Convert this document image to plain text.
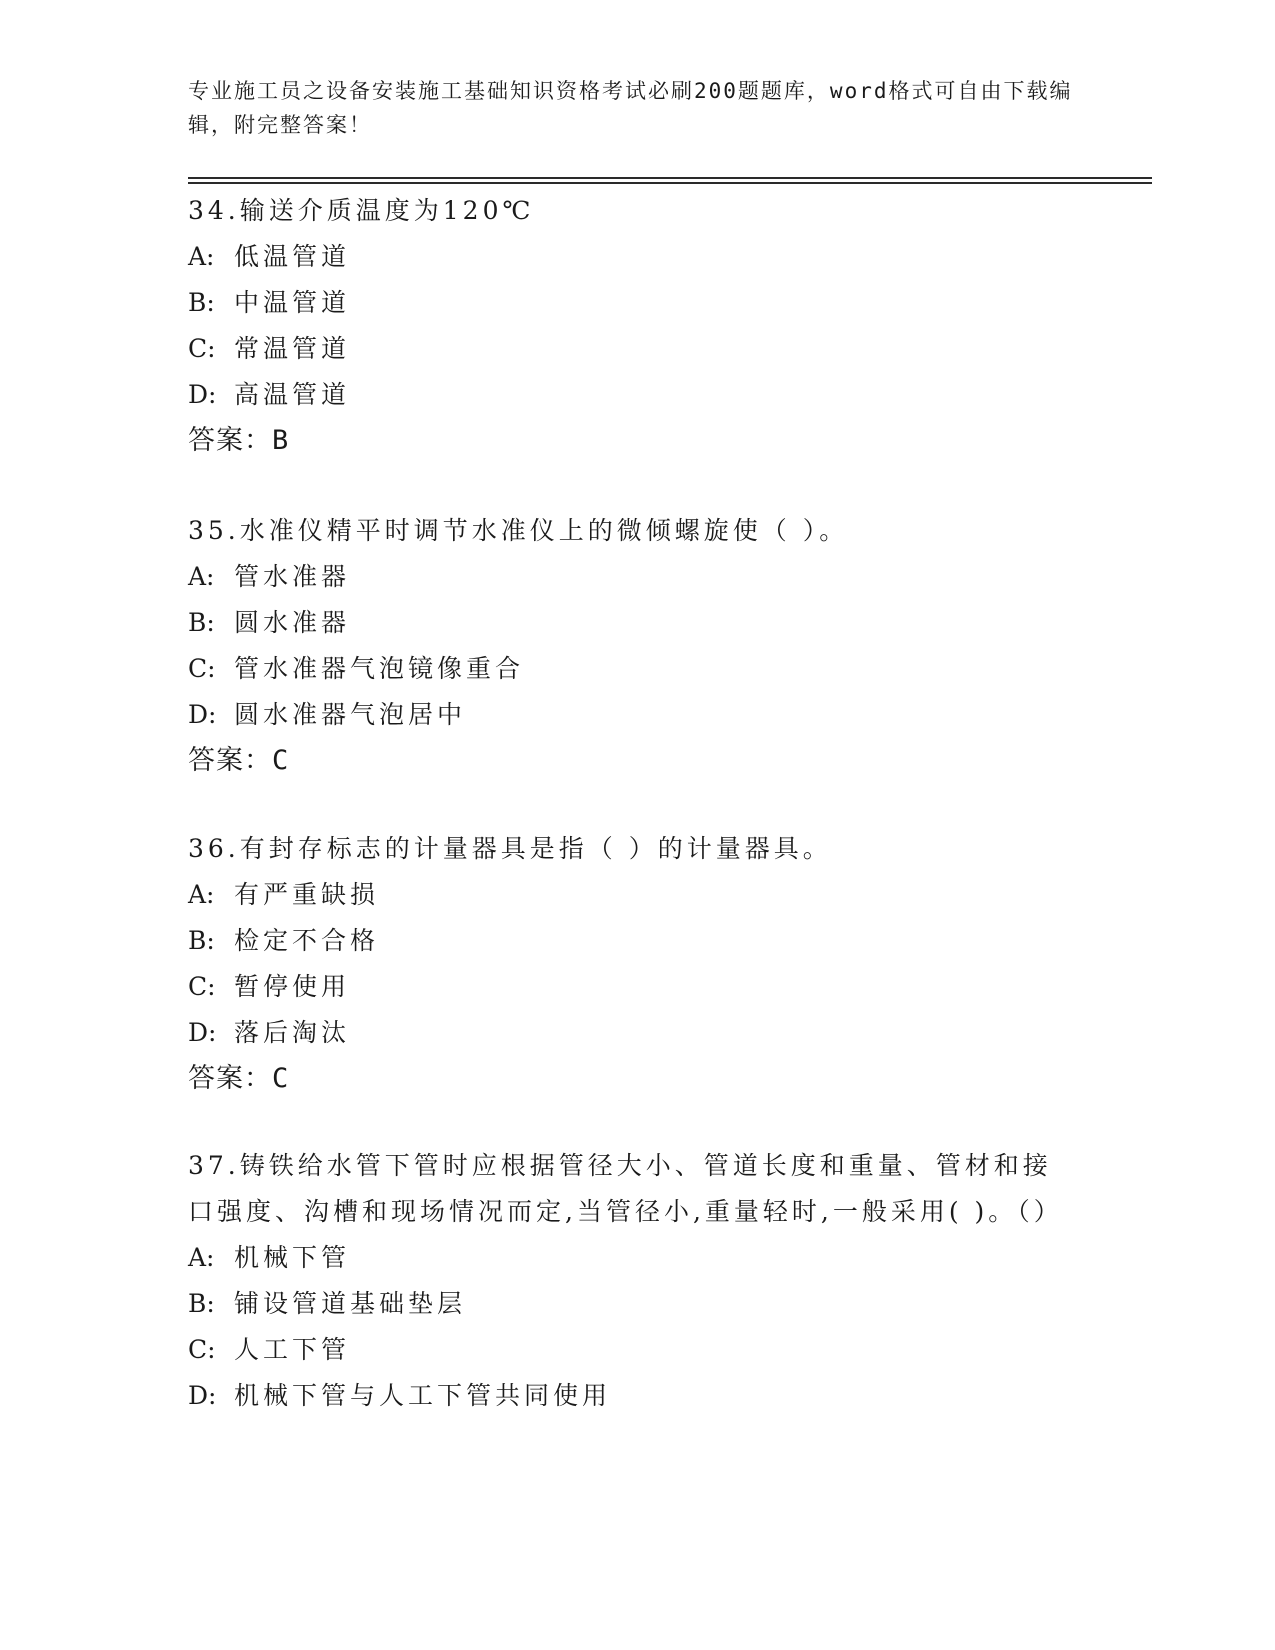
专业施工员之设备安装施工基础知识资格考试必刷200题题库，word格式可自由下载编辑，附完整答案！

34.输送介质温度为120℃

A: 低温管道

B: 中温管道

C: 常温管道

D: 高温管道

答案：B

35.水准仪精平时调节水准仪上的微倾螺旋使（ ）。

A: 管水准器

B: 圆水准器

C: 管水准器气泡镜像重合

D: 圆水准器气泡居中

答案：C

36.有封存标志的计量器具是指（ ）的计量器具。

A: 有严重缺损

B: 检定不合格

C: 暂停使用

D: 落后淘汰

答案：C

37.铸铁给水管下管时应根据管径大小、管道长度和重量、管材和接口强度、沟槽和现场情况而定,当管径小,重量轻时,一般采用( )。（）

A: 机械下管

B: 铺设管道基础垫层

C: 人工下管

D: 机械下管与人工下管共同使用
